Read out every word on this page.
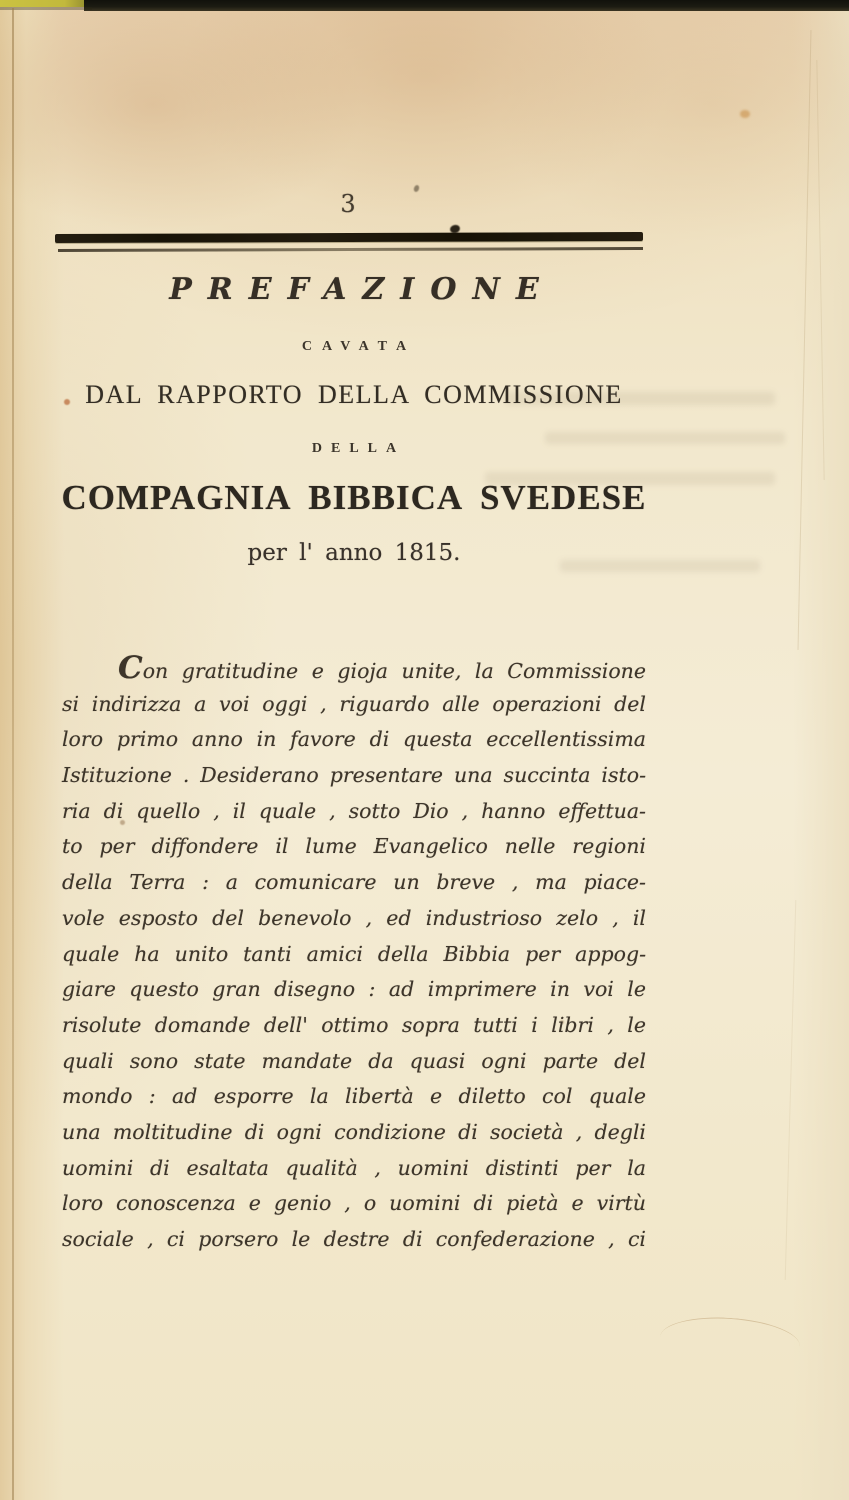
3
PREFAZIONE
CAVATA
DAL RAPPORTO DELLA COMMISSIONE
DELLA
COMPAGNIA BIBBICA SVEDESE
per l' anno 1815.
Con gratitudine e gioja unite, la Commissione
si indirizza a voi oggi , riguardo alle operazioni del
loro primo anno in favore di questa eccellentissima
Istituzione . Desiderano presentare una succinta isto-
ria di quello , il quale , sotto Dio , hanno effettua-
to per diffondere il lume Evangelico nelle regioni
della Terra : a comunicare un breve , ma piace-
vole esposto del benevolo , ed industrioso zelo , il
quale ha unito tanti amici della Bibbia per appog-
giare questo gran disegno : ad imprimere in voi le
risolute domande dell' ottimo sopra tutti i libri , le
quali sono state mandate da quasi ogni parte del
mondo : ad esporre la libertà e diletto col quale
una moltitudine di ogni condizione di società , degli
uomini di esaltata qualità , uomini distinti per la
loro conoscenza e genio , o uomini di pietà e virtù
sociale , ci porsero le destre di confederazione , ci
